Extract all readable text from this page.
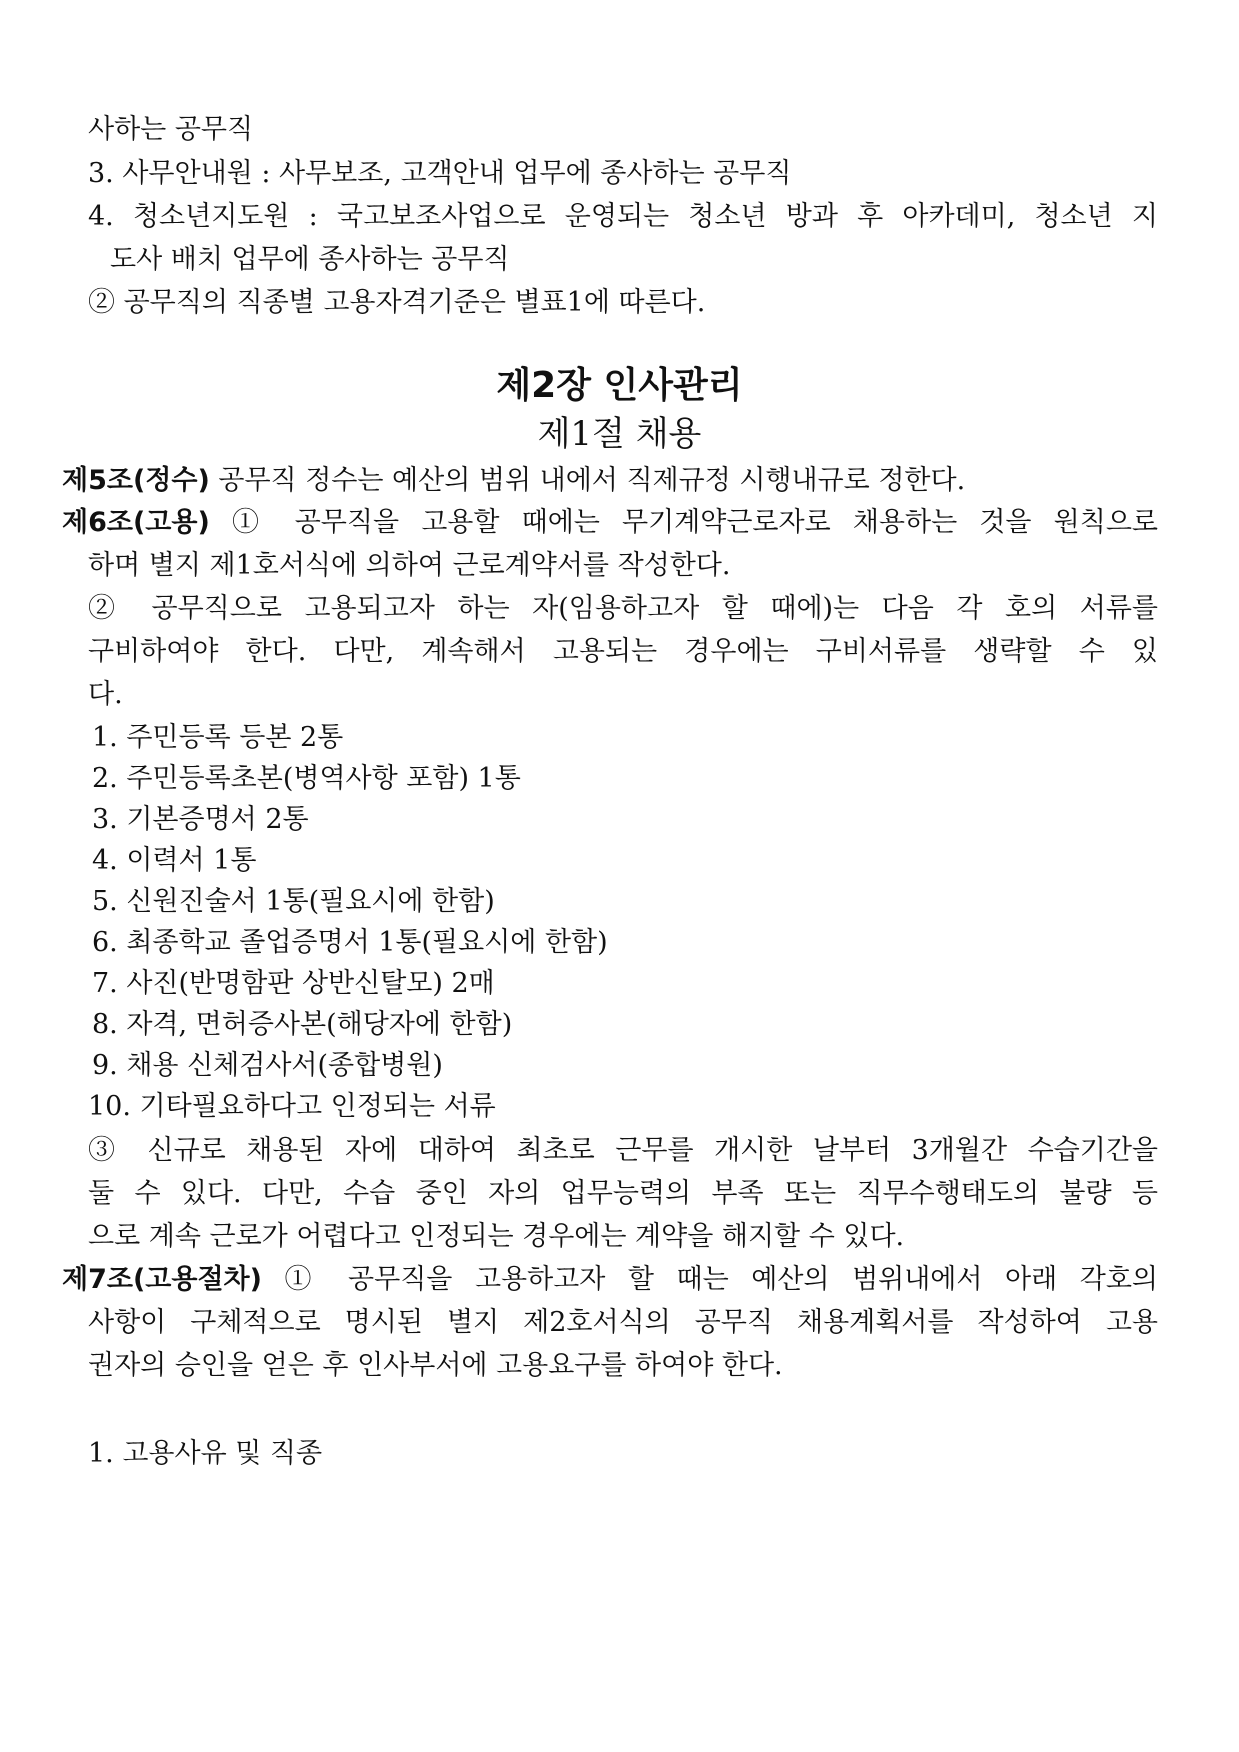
사하는 공무직
3. 사무안내원 : 사무보조, 고객안내 업무에 종사하는 공무직
4. 청소년지도원 : 국고보조사업으로 운영되는 청소년 방과 후 아카데미, 청소년 지
도사 배치 업무에 종사하는 공무직
② 공무직의 직종별 고용자격기준은 별표1에 따른다.
제2장 인사관리
제1절 채용
제5조(정수) 공무직 정수는 예산의 범위 내에서 직제규정 시행내규로 정한다.
제6조(고용) ① 공무직을 고용할 때에는 무기계약근로자로 채용하는 것을 원칙으로
하며 별지 제1호서식에 의하여 근로계약서를 작성한다.
② 공무직으로 고용되고자 하는 자(임용하고자 할 때에)는 다음 각 호의 서류를
구비하여야 한다. 다만, 계속해서 고용되는 경우에는 구비서류를 생략할 수 있
다.
1. 주민등록 등본 2통
2. 주민등록초본(병역사항 포함) 1통
3. 기본증명서 2통
4. 이력서 1통
5. 신원진술서 1통(필요시에 한함)
6. 최종학교 졸업증명서 1통(필요시에 한함)
7. 사진(반명함판 상반신탈모) 2매
8. 자격, 면허증사본(해당자에 한함)
9. 채용 신체검사서(종합병원)
10. 기타필요하다고 인정되는 서류
③ 신규로 채용된 자에 대하여 최초로 근무를 개시한 날부터 3개월간 수습기간을
둘 수 있다. 다만, 수습 중인 자의 업무능력의 부족 또는 직무수행태도의 불량 등
으로 계속 근로가 어렵다고 인정되는 경우에는 계약을 해지할 수 있다.
제7조(고용절차) ① 공무직을 고용하고자 할 때는 예산의 범위내에서 아래 각호의
사항이 구체적으로 명시된 별지 제2호서식의 공무직 채용계획서를 작성하여 고용
권자의 승인을 얻은 후 인사부서에 고용요구를 하여야 한다.
1. 고용사유 및 직종
